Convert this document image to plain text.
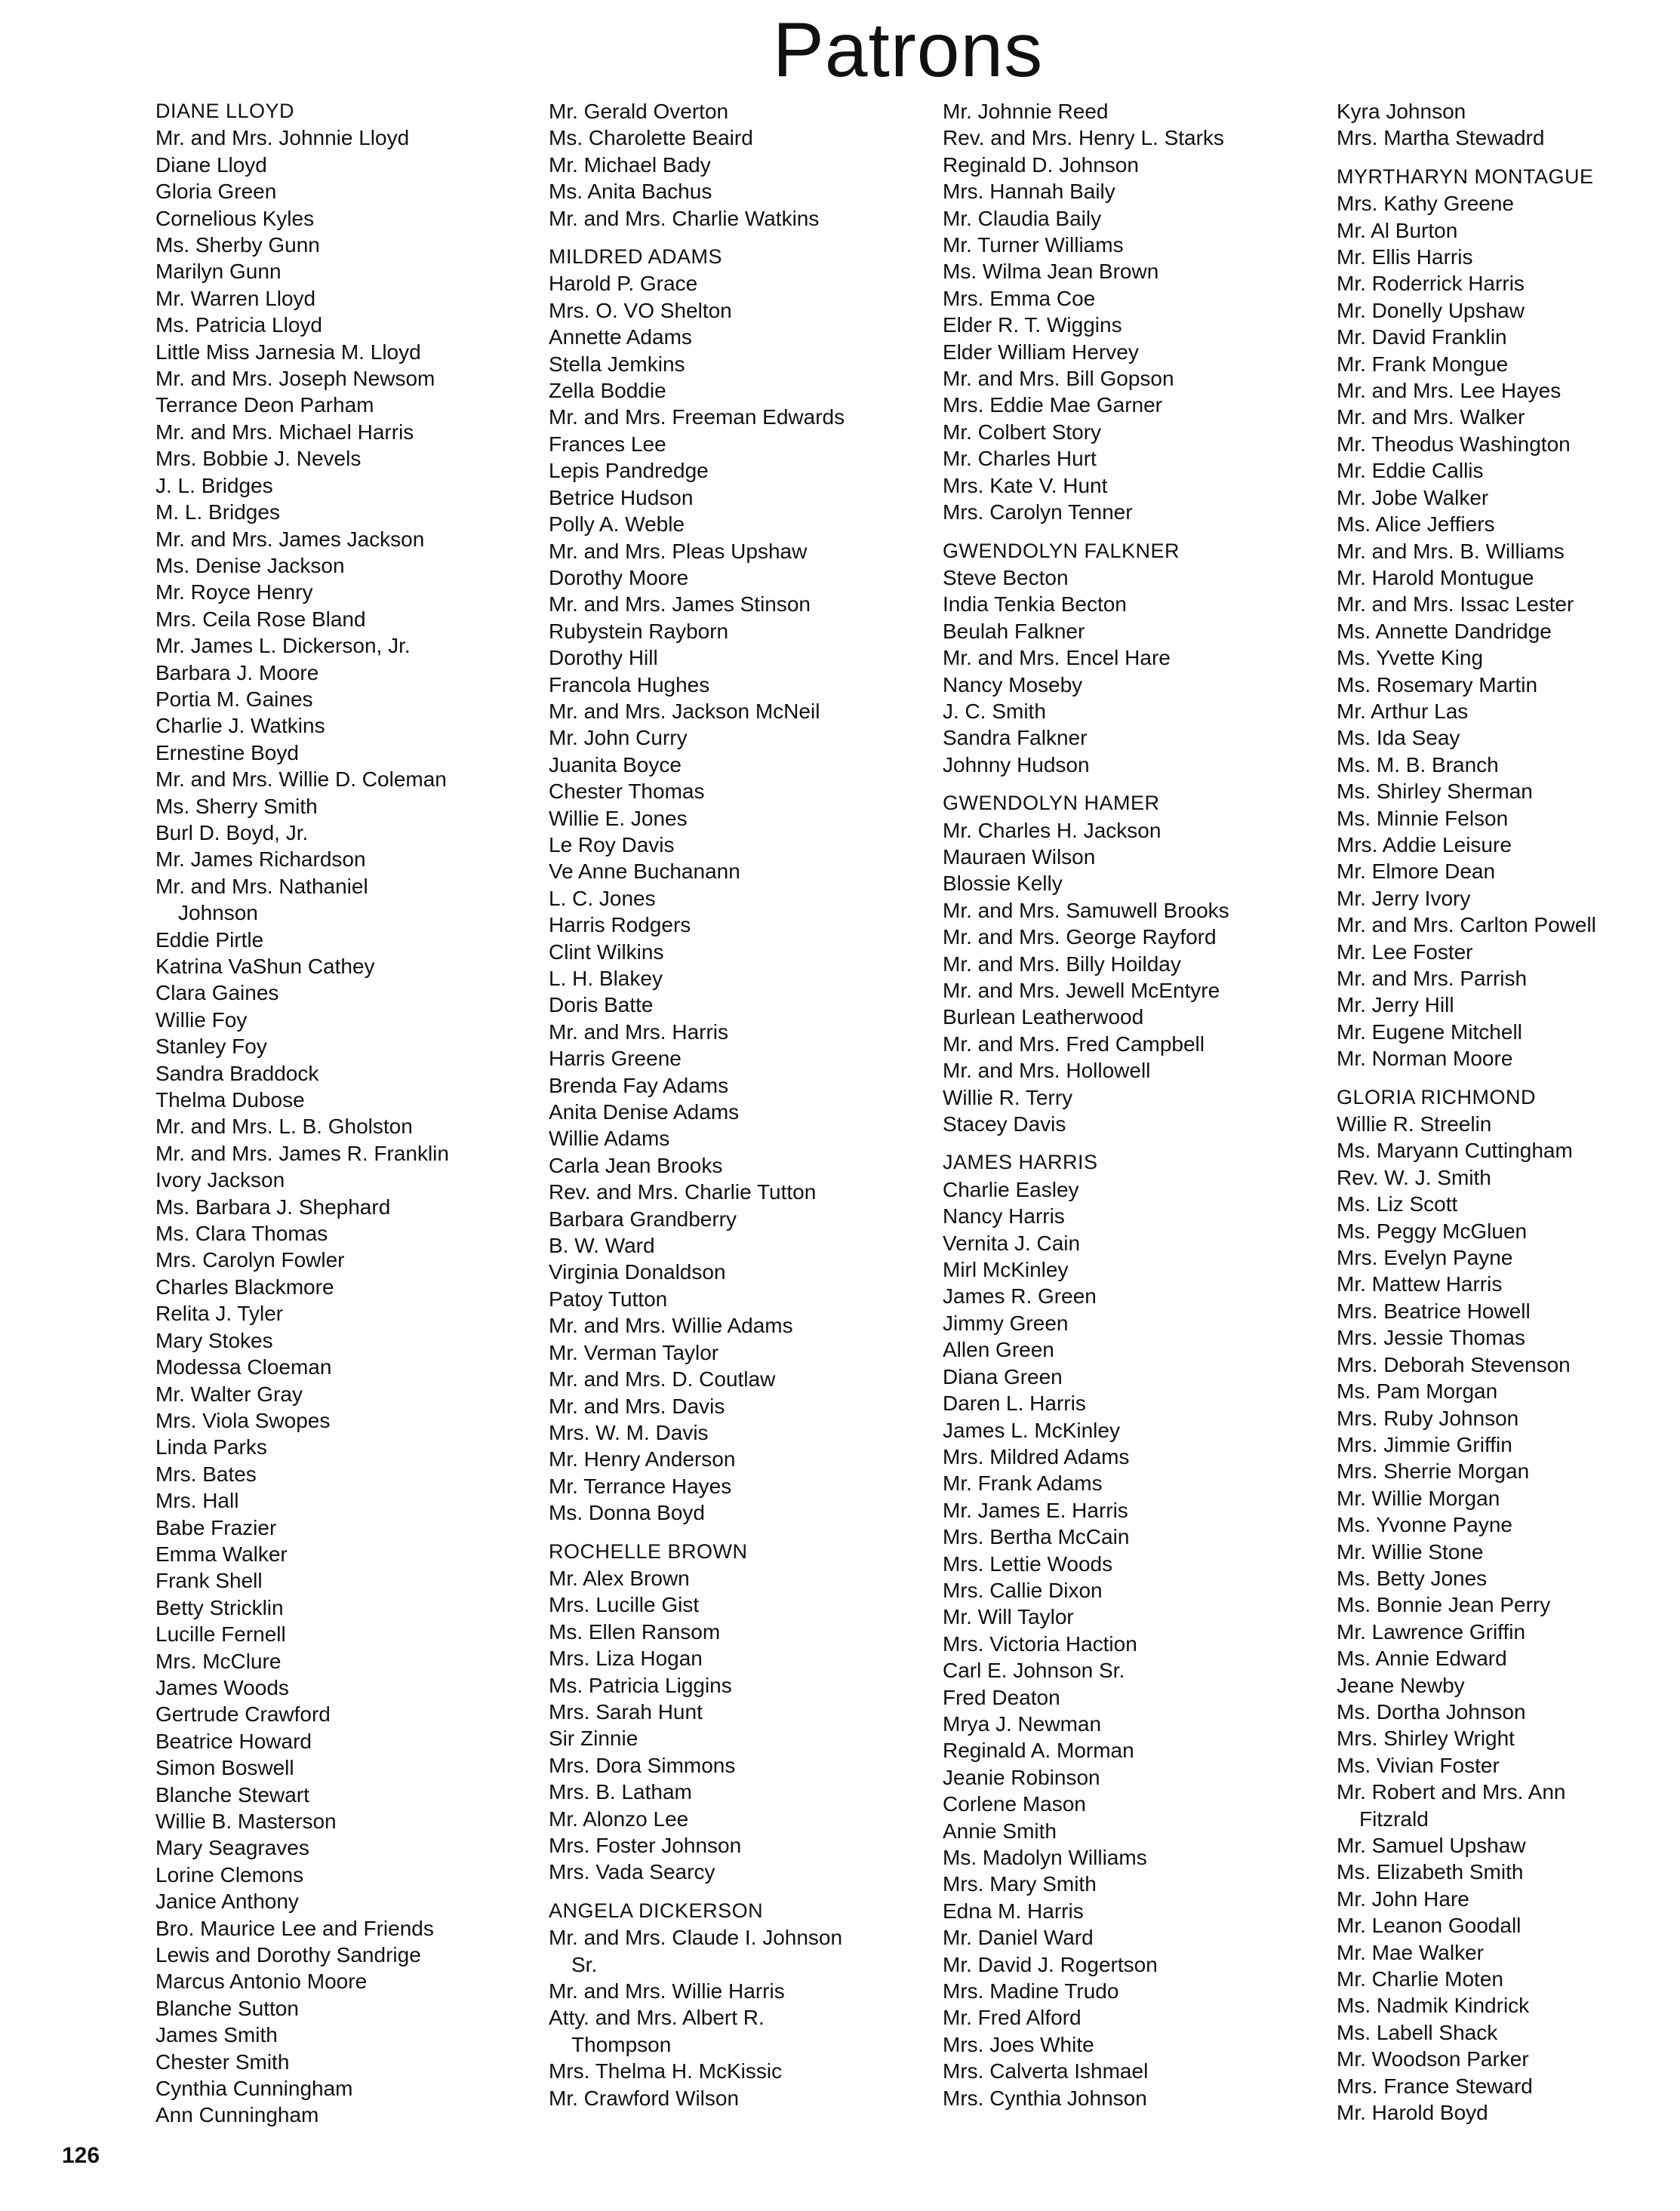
Patrons
DIANE LLOYD
Mr. and Mrs. Johnnie Lloyd
Diane Lloyd
Gloria Green
Cornelious Kyles
Ms. Sherby Gunn
Marilyn Gunn
Mr. Warren Lloyd
Ms. Patricia Lloyd
Little Miss Jarnesia M. Lloyd
Mr. and Mrs. Joseph Newsom
Terrance Deon Parham
Mr. and Mrs. Michael Harris
Mrs. Bobbie J. Nevels
J. L. Bridges
M. L. Bridges
Mr. and Mrs. James Jackson
Ms. Denise Jackson
Mr. Royce Henry
Mrs. Ceila Rose Bland
Mr. James L. Dickerson, Jr.
Barbara J. Moore
Portia M. Gaines
Charlie J. Watkins
Ernestine Boyd
Mr. and Mrs. Willie D. Coleman
Ms. Sherry Smith
Burl D. Boyd, Jr.
Mr. James Richardson
Mr. and Mrs. Nathaniel
Johnson
Eddie Pirtle
Katrina VaShun Cathey
Clara Gaines
Willie Foy
Stanley Foy
Sandra Braddock
Thelma Dubose
Mr. and Mrs. L. B. Gholston
Mr. and Mrs. James R. Franklin
Ivory Jackson
Ms. Barbara J. Shephard
Ms. Clara Thomas
Mrs. Carolyn Fowler
Charles Blackmore
Relita J. Tyler
Mary Stokes
Modessa Cloeman
Mr. Walter Gray
Mrs. Viola Swopes
Linda Parks
Mrs. Bates
Mrs. Hall
Babe Frazier
Emma Walker
Frank Shell
Betty Stricklin
Lucille Fernell
Mrs. McClure
James Woods
Gertrude Crawford
Beatrice Howard
Simon Boswell
Blanche Stewart
Willie B. Masterson
Mary Seagraves
Lorine Clemons
Janice Anthony
Bro. Maurice Lee and Friends
Lewis and Dorothy Sandrige
Marcus Antonio Moore
Blanche Sutton
James Smith
Chester Smith
Cynthia Cunningham
Ann Cunningham
Mr. Gerald Overton
Ms. Charolette Beaird
Mr. Michael Bady
Ms. Anita Bachus
Mr. and Mrs. Charlie Watkins
MILDRED ADAMS
Harold P. Grace
Mrs. O. VO Shelton
Annette Adams
Stella Jemkins
Zella Boddie
Mr. and Mrs. Freeman Edwards
Frances Lee
Lepis Pandredge
Betrice Hudson
Polly A. Weble
Mr. and Mrs. Pleas Upshaw
Dorothy Moore
Mr. and Mrs. James Stinson
Rubystein Rayborn
Dorothy Hill
Francola Hughes
Mr. and Mrs. Jackson McNeil
Mr. John Curry
Juanita Boyce
Chester Thomas
Willie E. Jones
Le Roy Davis
Ve Anne Buchanann
L. C. Jones
Harris Rodgers
Clint Wilkins
L. H. Blakey
Doris Batte
Mr. and Mrs. Harris
Harris Greene
Brenda Fay Adams
Anita Denise Adams
Willie Adams
Carla Jean Brooks
Rev. and Mrs. Charlie Tutton
Barbara Grandberry
B. W. Ward
Virginia Donaldson
Patoy Tutton
Mr. and Mrs. Willie Adams
Mr. Verman Taylor
Mr. and Mrs. D. Coutlaw
Mr. and Mrs. Davis
Mrs. W. M. Davis
Mr. Henry Anderson
Mr. Terrance Hayes
Ms. Donna Boyd
ROCHELLE BROWN
Mr. Alex Brown
Mrs. Lucille Gist
Ms. Ellen Ransom
Mrs. Liza Hogan
Ms. Patricia Liggins
Mrs. Sarah Hunt
Sir Zinnie
Mrs. Dora Simmons
Mrs. B. Latham
Mr. Alonzo Lee
Mrs. Foster Johnson
Mrs. Vada Searcy
ANGELA DICKERSON
Mr. and Mrs. Claude I. Johnson
Sr.
Mr. and Mrs. Willie Harris
Atty. and Mrs. Albert R.
Thompson
Mrs. Thelma H. McKissic
Mr. Crawford Wilson
Mr. Johnnie Reed
Rev. and Mrs. Henry L. Starks
Reginald D. Johnson
Mrs. Hannah Baily
Mr. Claudia Baily
Mr. Turner Williams
Ms. Wilma Jean Brown
Mrs. Emma Coe
Elder R. T. Wiggins
Elder William Hervey
Mr. and Mrs. Bill Gopson
Mrs. Eddie Mae Garner
Mr. Colbert Story
Mr. Charles Hurt
Mrs. Kate V. Hunt
Mrs. Carolyn Tenner
GWENDOLYN FALKNER
Steve Becton
India Tenkia Becton
Beulah Falkner
Mr. and Mrs. Encel Hare
Nancy Moseby
J. C. Smith
Sandra Falkner
Johnny Hudson
GWENDOLYN HAMER
Mr. Charles H. Jackson
Mauraen Wilson
Blossie Kelly
Mr. and Mrs. Samuwell Brooks
Mr. and Mrs. George Rayford
Mr. and Mrs. Billy Hoilday
Mr. and Mrs. Jewell McEntyre
Burlean Leatherwood
Mr. and Mrs. Fred Campbell
Mr. and Mrs. Hollowell
Willie R. Terry
Stacey Davis
JAMES HARRIS
Charlie Easley
Nancy Harris
Vernita J. Cain
Mirl McKinley
James R. Green
Jimmy Green
Allen Green
Diana Green
Daren L. Harris
James L. McKinley
Mrs. Mildred Adams
Mr. Frank Adams
Mr. James E. Harris
Mrs. Bertha McCain
Mrs. Lettie Woods
Mrs. Callie Dixon
Mr. Will Taylor
Mrs. Victoria Haction
Carl E. Johnson Sr.
Fred Deaton
Mrya J. Newman
Reginald A. Morman
Jeanie Robinson
Corlene Mason
Annie Smith
Ms. Madolyn Williams
Mrs. Mary Smith
Edna M. Harris
Mr. Daniel Ward
Mr. David J. Rogertson
Mrs. Madine Trudo
Mr. Fred Alford
Mrs. Joes White
Mrs. Calverta Ishmael
Mrs. Cynthia Johnson
Kyra Johnson
Mrs. Martha Stewadrd
MYRTHARYN MONTAGUE
Mrs. Kathy Greene
Mr. Al Burton
Mr. Ellis Harris
Mr. Roderrick Harris
Mr. Donelly Upshaw
Mr. David Franklin
Mr. Frank Mongue
Mr. and Mrs. Lee Hayes
Mr. and Mrs. Walker
Mr. Theodus Washington
Mr. Eddie Callis
Mr. Jobe Walker
Ms. Alice Jeffiers
Mr. and Mrs. B. Williams
Mr. Harold Montugue
Mr. and Mrs. Issac Lester
Ms. Annette Dandridge
Ms. Yvette King
Ms. Rosemary Martin
Mr. Arthur Las
Ms. Ida Seay
Ms. M. B. Branch
Ms. Shirley Sherman
Ms. Minnie Felson
Mrs. Addie Leisure
Mr. Elmore Dean
Mr. Jerry Ivory
Mr. and Mrs. Carlton Powell
Mr. Lee Foster
Mr. and Mrs. Parrish
Mr. Jerry Hill
Mr. Eugene Mitchell
Mr. Norman Moore
GLORIA RICHMOND
Willie R. Streelin
Ms. Maryann Cuttingham
Rev. W. J. Smith
Ms. Liz Scott
Ms. Peggy McGluen
Mrs. Evelyn Payne
Mr. Mattew Harris
Mrs. Beatrice Howell
Mrs. Jessie Thomas
Mrs. Deborah Stevenson
Ms. Pam Morgan
Mrs. Ruby Johnson
Mrs. Jimmie Griffin
Mrs. Sherrie Morgan
Mr. Willie Morgan
Ms. Yvonne Payne
Mr. Willie Stone
Ms. Betty Jones
Ms. Bonnie Jean Perry
Mr. Lawrence Griffin
Ms. Annie Edward
Jeane Newby
Ms. Dortha Johnson
Mrs. Shirley Wright
Ms. Vivian Foster
Mr. Robert and Mrs. Ann
Fitzrald
Mr. Samuel Upshaw
Ms. Elizabeth Smith
Mr. John Hare
Mr. Leanon Goodall
Mr. Mae Walker
Mr. Charlie Moten
Ms. Nadmik Kindrick
Ms. Labell Shack
Mr. Woodson Parker
Mrs. France Steward
Mr. Harold Boyd
126
